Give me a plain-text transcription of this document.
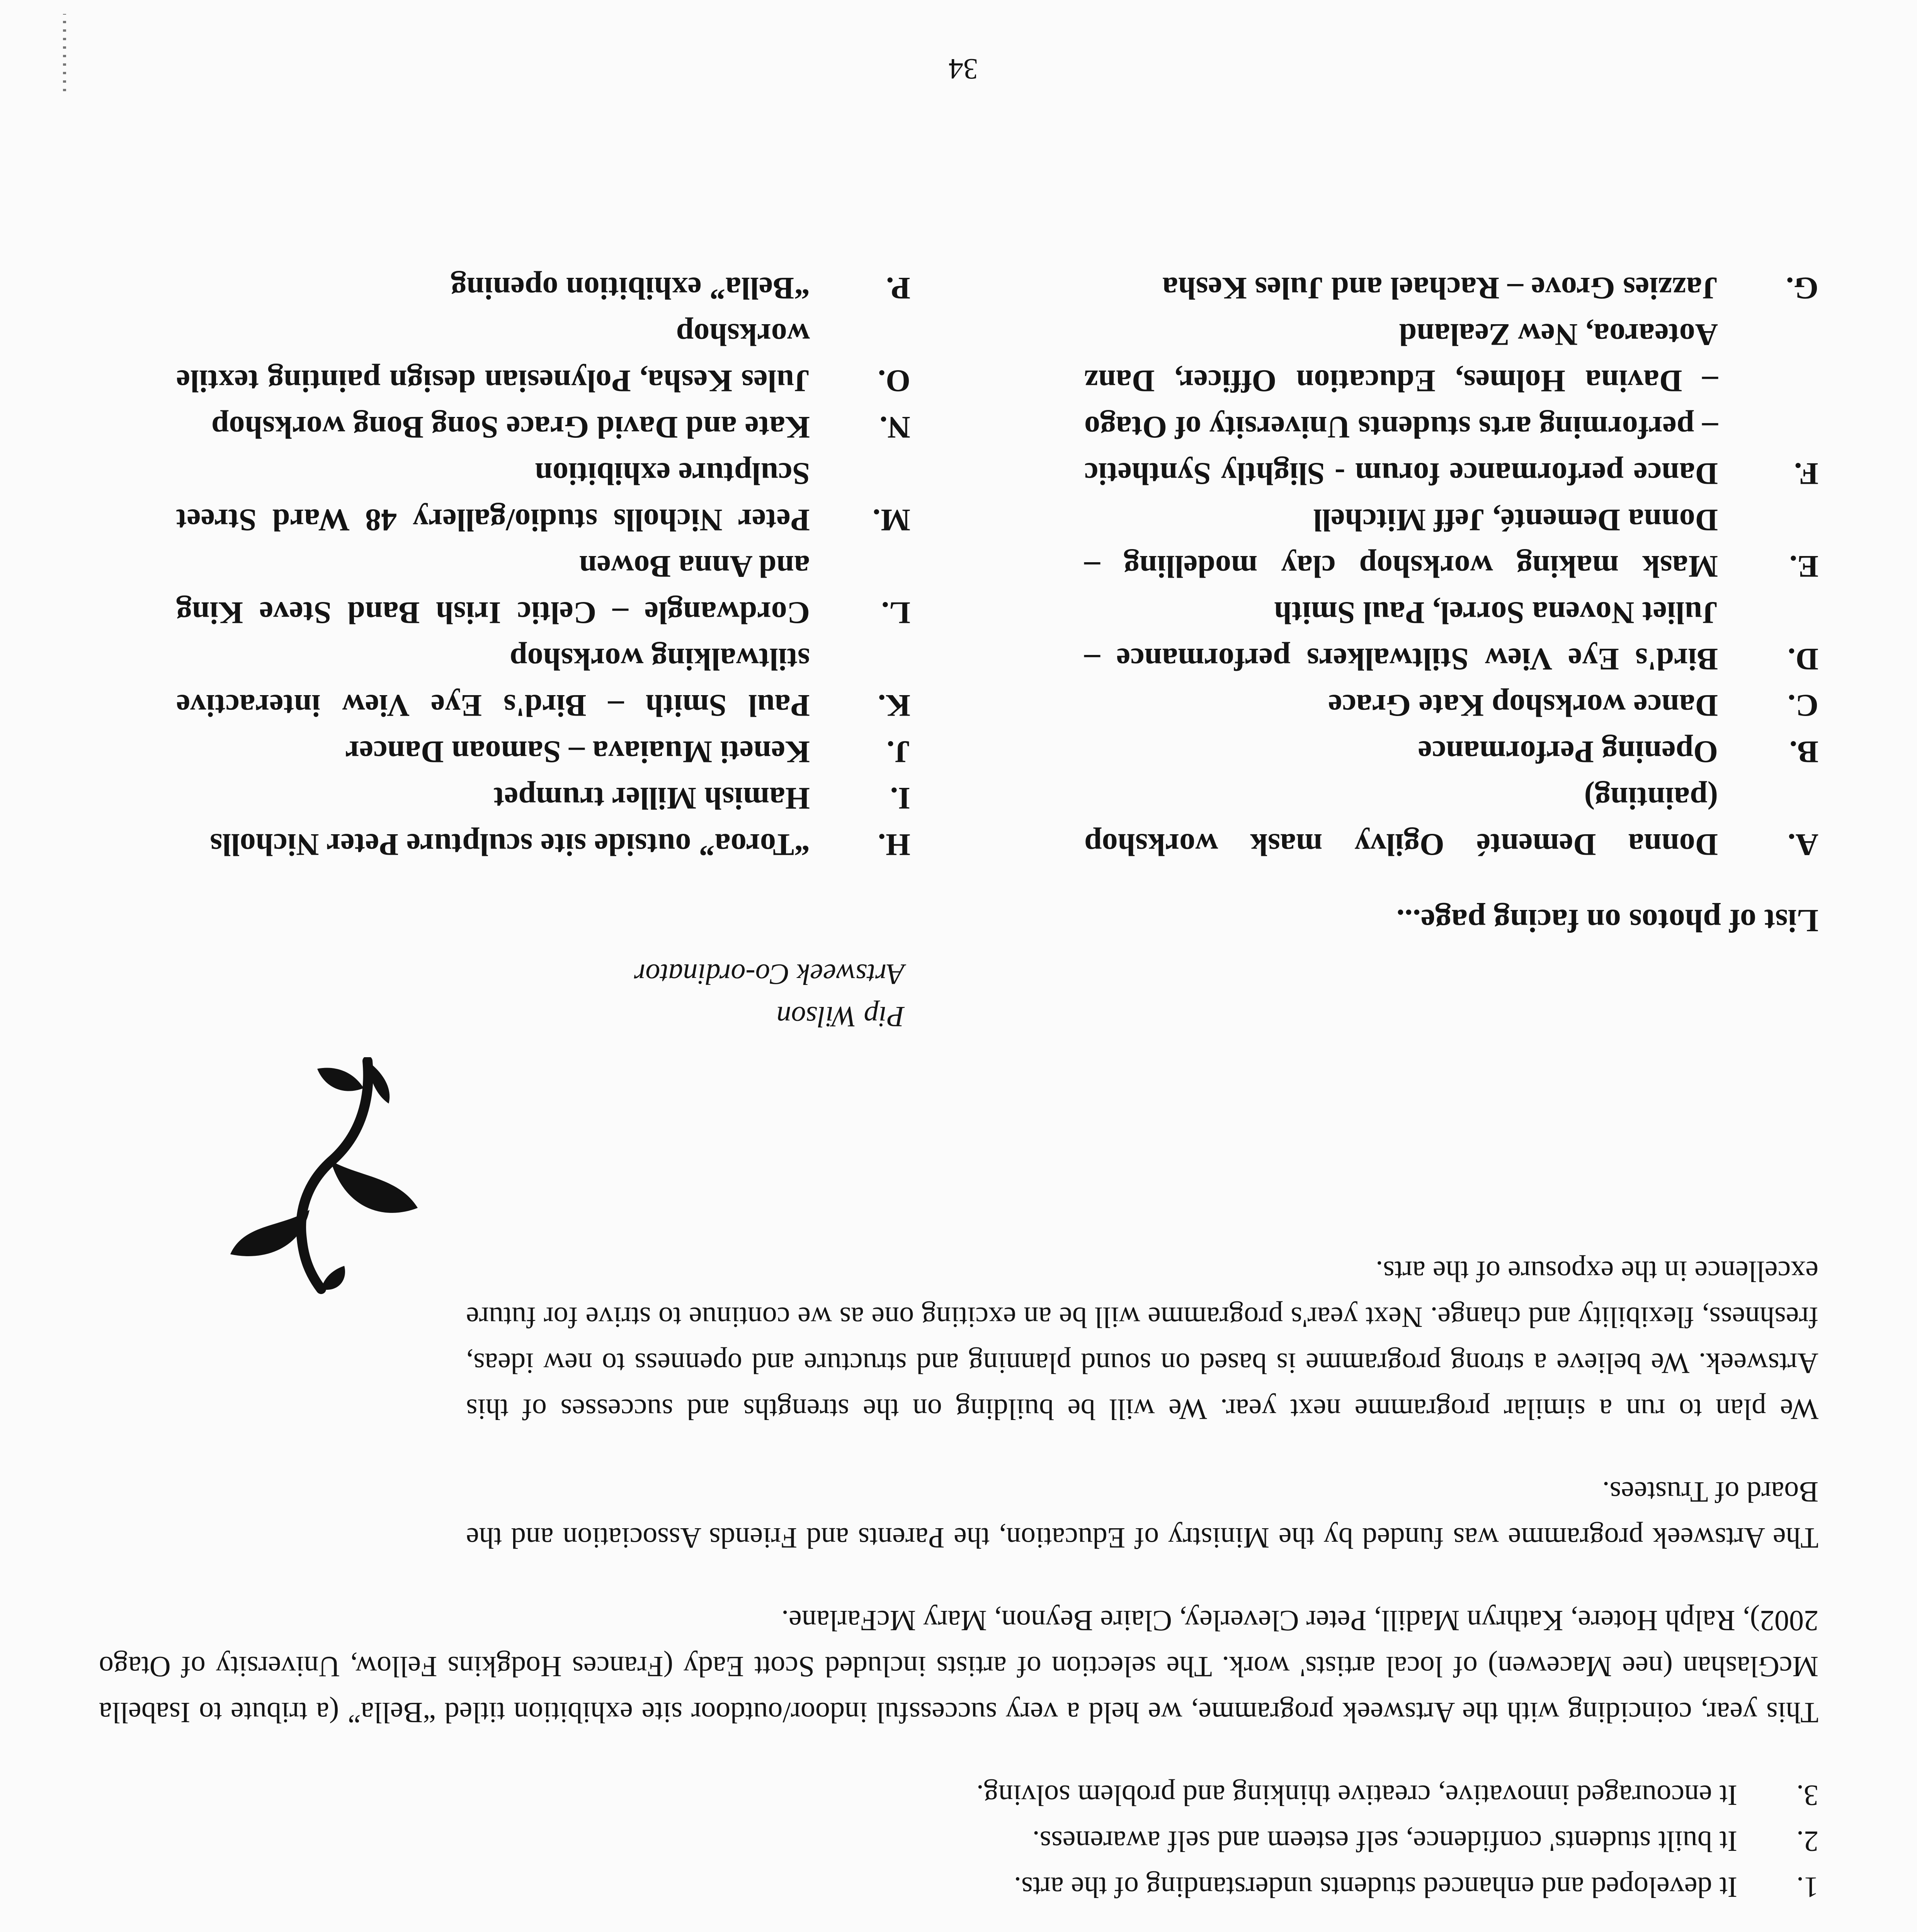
1.
It developed and enhanced students understanding of the arts.
2.
It built students' confidence, self esteem and self awareness.
3.
It encouraged innovative, creative thinking and problem solving.

This year, coinciding with the Artsweek programme, we held a very successful indoor/outdoor site exhibition titled “Bella” (a tribute to Isabella McGlashan (nee Macewen) of local artists' work. The selection of artists included Scott Eady (Frances Hodgkins Fellow, University of Otago 2002), Ralph Hotere, Kathryn Madill, Peter Cleverley, Claire Beynon, Mary McFarlane.

The Artsweek programme was funded by the Ministry of Education, the Parents and Friends Association and the Board of Trustees.

We plan to run a similar programme next year. We will be building on the strengths and successes of this Artsweek. We believe a strong programme is based on sound planning and structure and openness to new ideas, freshness, flexibility and change. Next year's programme will be an exciting one as we continue to strive for future excellence in the exposure of the arts.

Pip Wilson
Artsweek Co-ordinator
List of photos on facing page...
A.
Donna Dementé Ogilvy mask workshop (painting)
B.
Opening Performance
C.
Dance workshop Kate Grace
D.
Bird's Eye View Stiltwalkers performance – Juliet Novena Sorrel, Paul Smith
E.
Mask making workshop clay modelling – Donna Dementé, Jeff Mitchell
F.
Dance performance forum - Slightly Synthetic – performing arts students University of Otago – Davina Holmes, Education Officer, Danz Aotearoa, New Zealand
G.
Jazzies Grove – Rachael and Jules Kesha
H.
“Toroa” outside site sculpture Peter Nicholls
I.
Hamish Miller trumpet
J.
Keneti Muaiava – Samoan Dancer
K.
Paul Smith – Bird's Eye View interactive stiltwalking workshop
L.
Cordwangle – Celtic Irish Band Steve King and Anna Bowen
M.
Peter Nicholls studio/gallery 48 Ward Street Sculpture exhibition
N.
Kate and David Grace Song Bong workshop
O.
Jules Kesha, Polynesian design painting textile workshop
P.
“Bella” exhibition opening
34
